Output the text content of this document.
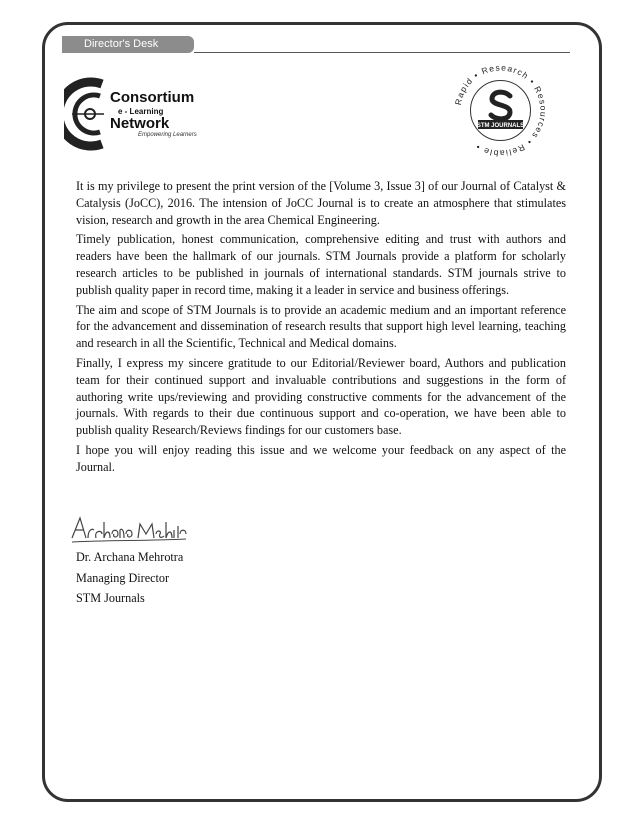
Director's Desk
Consortium
e - Learning
Network
Empowering Learners
Rapid • Research • Resources • Reliable •
STM JOURNALS

It is my privilege to present the print version of the [Volume 3, Issue 3] of our Journal of Catalyst & Catalysis (JoCC), 2016. The intension of JoCC Journal is to create an atmosphere that stimulates vision, research and growth in the area Chemical Engineering.

Timely publication, honest communication, comprehensive editing and trust with authors and readers have been the hallmark of our journals. STM Journals provide a platform for scholarly research articles to be published in journals of international standards. STM journals strive to publish quality paper in record time, making it a leader in service and business offerings.

The aim and scope of STM Journals is to provide an academic medium and an important reference for the advancement and dissemination of research results that support high level learning, teaching and research in all the Scientific, Technical and Medical domains.

Finally, I express my sincere gratitude to our Editorial/Reviewer board, Authors and publication team for their continued support and invaluable contributions and suggestions in the form of authoring write ups/reviewing and providing constructive comments for the advancement of the journals. With regards to their due continuous support and co-operation, we have been able to publish quality Research/Reviews findings for our customers base.

I hope you will enjoy reading this issue and we welcome your feedback on any aspect of the Journal.

Dr. Archana Mehrotra
Managing Director
STM Journals
